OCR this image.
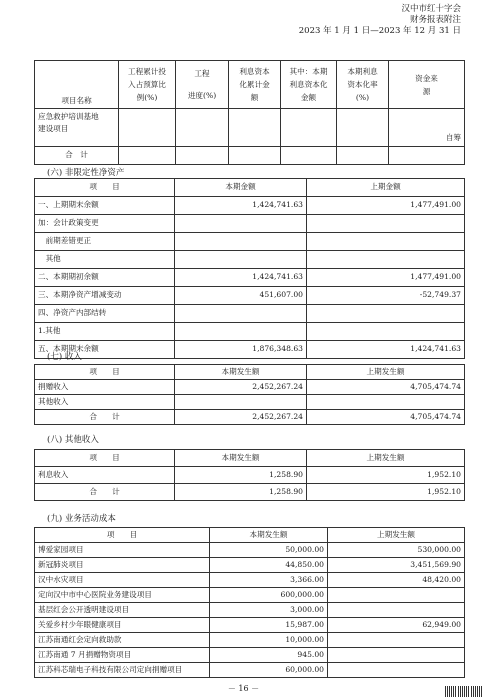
汉中市红十字会
财务报表附注
2023 年 1 月 1 日—2023 年 12 月 31 日
项目名称	工程累计投
入占预算比
例(%)	工程
进度(%)	利息资本
化累计金
额	其中：本期
利息资本化
金额	本期利息
资本化率
(%)	资金来
源
应急救护培训基地
建设项目						自筹
合　计						
(六) 非限定性净资产
项　　目	本期金额	上期金额
一、上期期末余额	1,424,741.63	1,477,491.00
加：会计政策变更		
　前期差错更正		
　其他		
二、本期期初余额	1,424,741.63	1,477,491.00
三、本期净资产增减变动	451,607.00	-52,749.37
四、净资产内部结转		
1.其他		
五、本期期末余额	1,876,348.63	1,424,741.63
(七) 收入
项　　目	本期发生额	上期发生额
捐赠收入	2,452,267.24	4,705,474.74
其他收入		
合　　计	2,452,267.24	4,705,474.74
(八) 其他收入
项　　目	本期发生额	上期发生额
利息收入	1,258.90	1,952.10
合　　计	1,258.90	1,952.10
(九) 业务活动成本
项　　目	本期发生额	上期发生额
博爱家园项目	50,000.00	530,000.00
新冠肺炎项目	44,850.00	3,451,569.90
汉中水灾项目	3,366.00	48,420.00
定向汉中市中心医院业务建设项目	600,000.00	
基层红会公开透明建设项目	3,000.00	
关爱乡村少年眼健康项目	15,987.00	62,949.00
江苏南通红会定向救助款	10,000.00	
江苏南通 7 月捐赠物资项目	945.00	
江苏科芯瑞电子科技有限公司定向捐赠项目	60,000.00	
－ 16 －
